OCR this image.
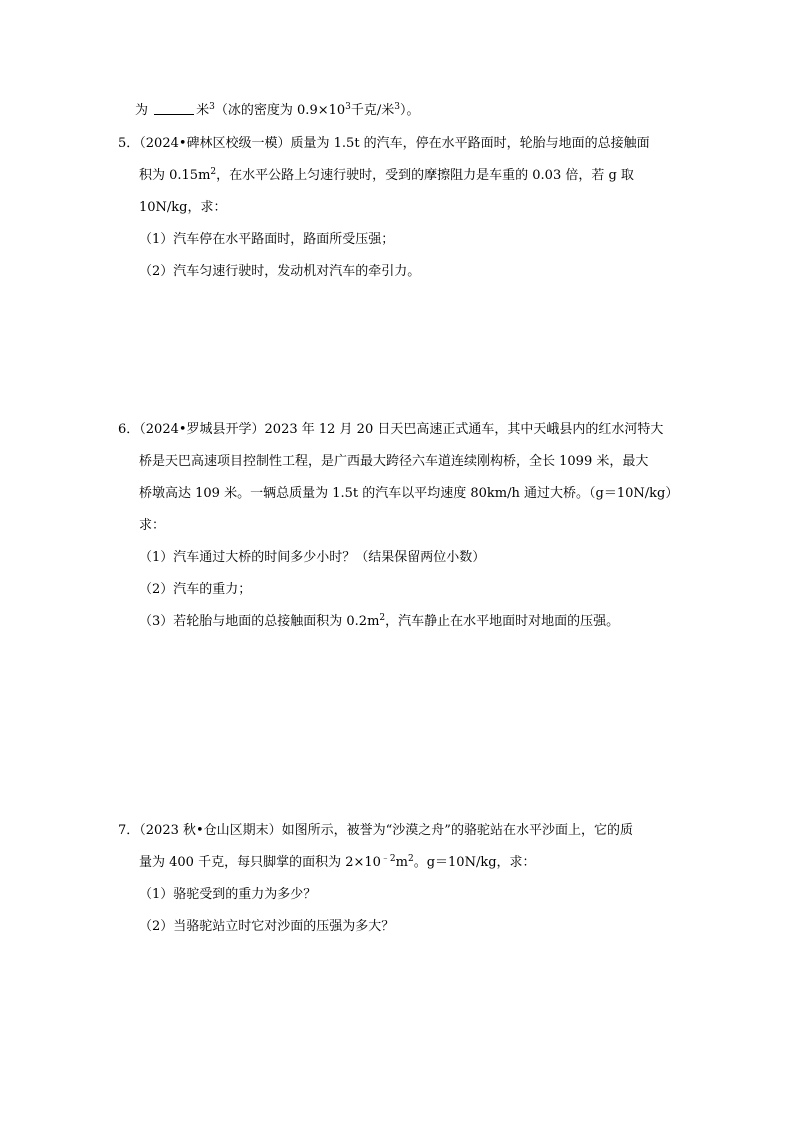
为	米$^3$（冰的密度为 $0.9\times 10^3$千克/米$^3$）。
5．（2024•碑林区校级一模）质量为 1.5t 的汽车，停在水平路面时，轮胎与地面的总接触面
积为 $0.15m^2$，在水平公路上匀速行驶时，受到的摩擦阻力是车重的 0.03 倍，若 g 取
10N/kg，求：
（1）汽车停在水平路面时，路面所受压强；
（2）汽车匀速行驶时，发动机对汽车的牵引力。
6．（2024•罗城县开学）2023 年 12 月 20 日天巴高速正式通车，其中天峨县内的红水河特大
桥是天巴高速项目控制性工程，是广西最大跨径六车道连续刚构桥，全长 1099 米，最大
桥墩高达 109 米。一辆总质量为 1.5t 的汽车以平均速度 80km/h 通过大桥。（g＝10N/kg）
求：
（1）汽车通过大桥的时间多少小时？（结果保留两位小数）
（2）汽车的重力；
（3）若轮胎与地面的总接触面积为 $0.2m^2$，汽车静止在水平地面时对地面的压强。
7．（2023 秋•仓山区期末）如图所示，被誉为“沙漠之舟”的骆驼站在水平沙面上，它的质
量为 400 千克，每只脚掌的面积为 $2\times 10^{﹣2}m^2$。g＝10N/kg，求：
（1）骆驼受到的重力为多少？
（2）当骆驼站立时它对沙面的压强为多大？
